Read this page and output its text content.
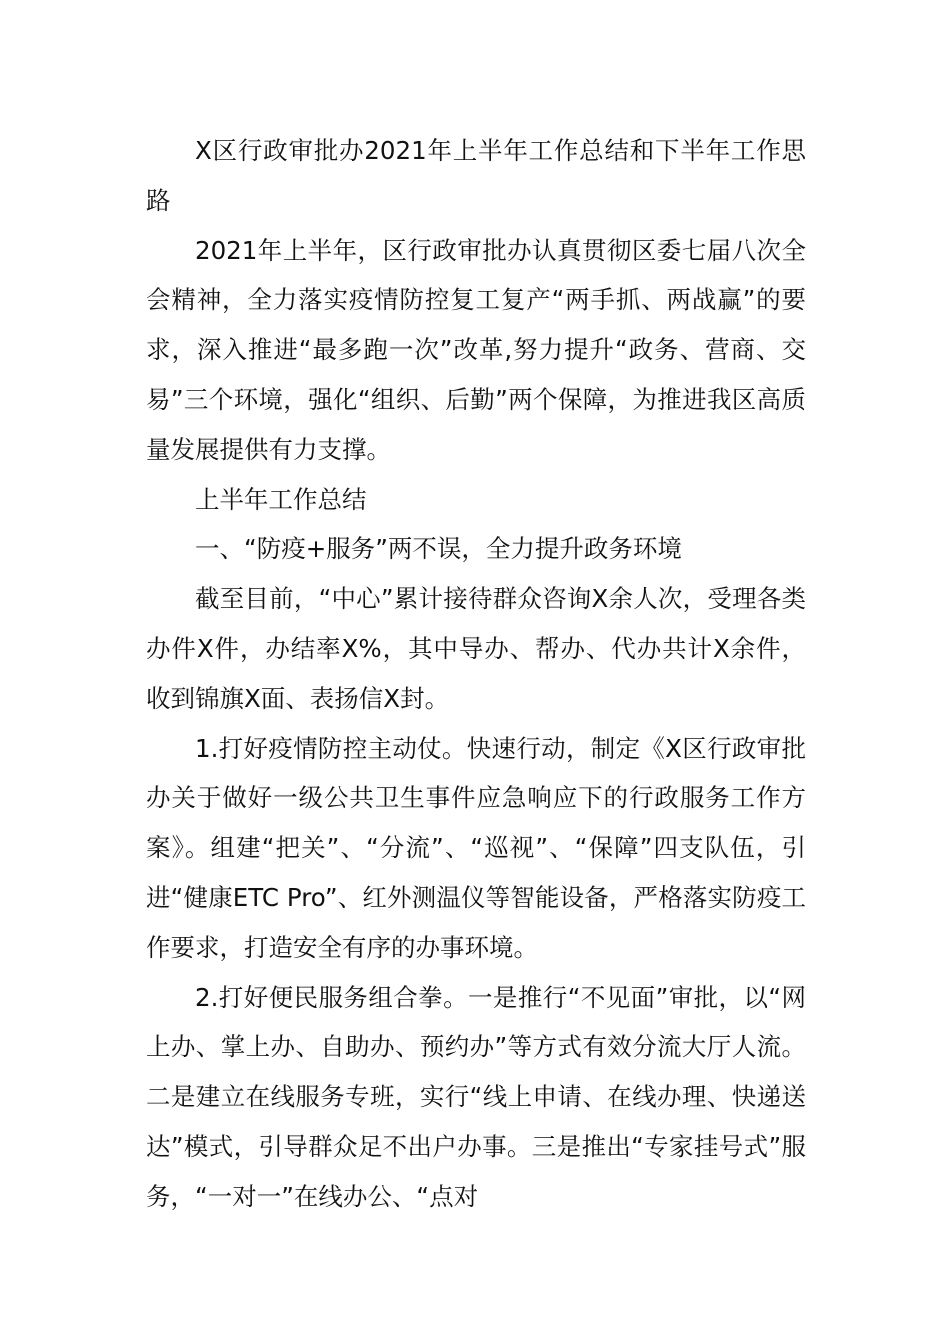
X区行政审批办2021年上半年工作总结和下半年工作思路

2021年上半年，区行政审批办认真贯彻区委七届八次全会精神，全力落实疫情防控复工复产“两手抓、两战赢”的要求，深入推进“最多跑一次”改革,努力提升“政务、营商、交易”三个环境，强化“组织、后勤”两个保障，为推进我区高质量发展提供有力支撑。

上半年工作总结

一、“防疫+服务”两不误，全力提升政务环境

截至目前，“中心”累计接待群众咨询X余人次，受理各类办件X件，办结率X%，其中导办、帮办、代办共计X余件，收到锦旗X面、表扬信X封。

1.打好疫情防控主动仗。快速行动，制定《X区行政审批办关于做好一级公共卫生事件应急响应下的行政服务工作方案》。组建“把关”、“分流”、“巡视”、“保障”四支队伍，引进“健康ETC Pro”、红外测温仪等智能设备，严格落实防疫工作要求，打造安全有序的办事环境。

2.打好便民服务组合拳。一是推行“不见面”审批，以“网上办、掌上办、自助办、预约办”等方式有效分流大厅人流。二是建立在线服务专班，实行“线上申请、在线办理、快递送达”模式，引导群众足不出户办事。三是推出“专家挂号式”服务，“一对一”在线办公、“点对
